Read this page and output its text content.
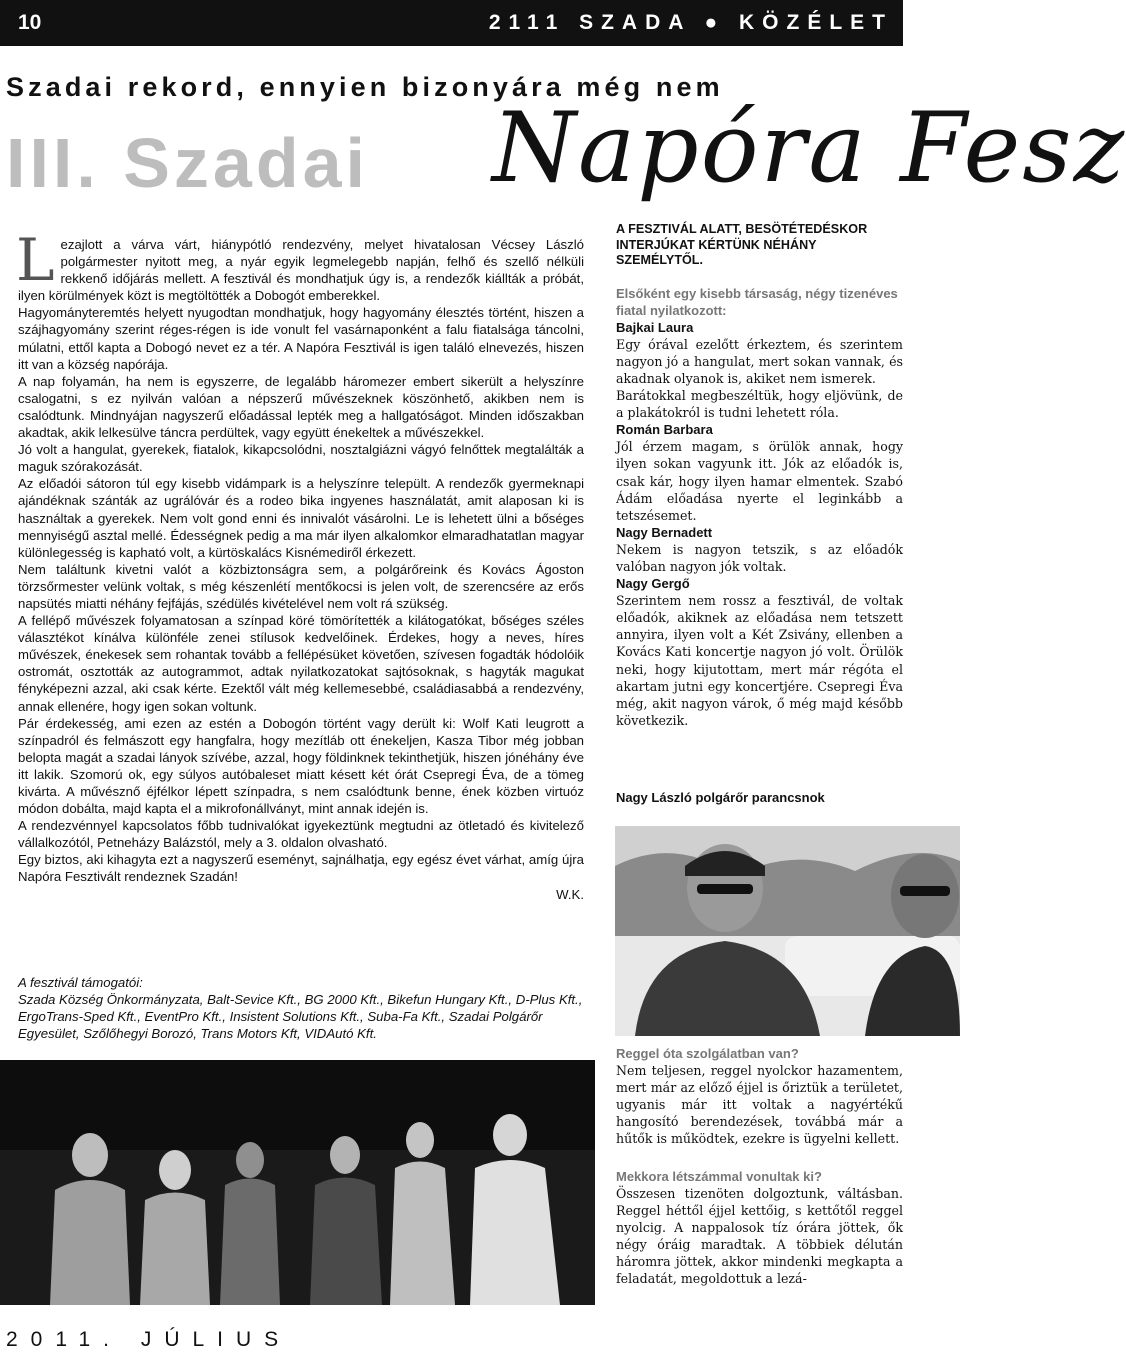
10	2111 SZADA ● KÖZÉLET
Szadai rekord, ennyien bizonyára még nem
III. Szadai Napóra Fesz

Lezajlott a várva várt, hiánypótló rendezvény, melyet hivatalosan Vécsey László polgármester nyitott meg, a nyár egyik legmelegebb napján, felhő és szellő nélküli rekkenő időjárás mellett. A fesztivál és mondhatjuk úgy is, a rendezők kiállták a próbát, ilyen körülmények közt is megtöltötték a Dobogót emberekkel.

Hagyományteremtés helyett nyugodtan mondhatjuk, hogy hagyomány élesztés történt, hiszen a szájhagyomány szerint réges-régen is ide vonult fel vasárnaponként a falu fiatalsága táncolni, múlatni, ettől kapta a Dobogó nevet ez a tér. A Napóra Fesztivál is igen találó elnevezés, hiszen itt van a község napórája.

A nap folyamán, ha nem is egyszerre, de legalább háromezer embert sikerült a helyszínre csalogatni, s ez nyilván valóan a népszerű művészeknek köszönhető, akikben nem is csalódtunk. Mindnyájan nagyszerű előadással lepték meg a hallgatóságot. Minden időszakban akadtak, akik lelkesülve táncra perdültek, vagy együtt énekeltek a művészekkel.

Jó volt a hangulat, gyerekek, fiatalok, kikapcsolódni, nosztalgiázni vágyó felnőttek megtalálták a maguk szórakozását.

Az előadói sátoron túl egy kisebb vidámpark is a helyszínre települt. A rendezők gyermeknapi ajándéknak szánták az ugrálóvár és a rodeo bika ingyenes használatát, amit alaposan ki is használtak a gyerekek. Nem volt gond enni és innivalót vásárolni. Le is lehetett ülni a bőséges mennyiségű asztal mellé. Édességnek pedig a ma már ilyen alkalomkor elmaradhatatlan magyar különlegesség is kapható volt, a kürtöskalács Kisnémediről érkezett.

Nem találtunk kivetni valót a közbiztonságra sem, a polgárőreink és Kovács Ágoston törzsőrmester velünk voltak, s még készenlétí mentőkocsi is jelen volt, de szerencsére az erős napsütés miatti néhány fejfájás, szédülés kivételével nem volt rá szükség.

A fellépő művészek folyamatosan a színpad köré tömörítették a kilátogatókat, bőséges széles választékot kínálva különféle zenei stílusok kedvelőinek. Érdekes, hogy a neves, híres művészek, énekesek sem rohantak tovább a fellépésüket követően, szívesen fogadták hódolóik ostromát, osztották az autogrammot, adtak nyilatkozatokat sajtósoknak, s hagyták magukat fényképezni azzal, aki csak kérte. Ezektől vált még kellemesebbé, családiasabbá a rendezvény, annak ellenére, hogy igen sokan voltunk.

Pár érdekesség, ami ezen az estén a Dobogón történt vagy derült ki: Wolf Kati leugrott a színpadról és felmászott egy hangfalra, hogy mezítláb ott énekeljen, Kasza Tibor még jobban belopta magát a szadai lányok szívébe, azzal, hogy földinknek tekinthetjük, hiszen jónéhány éve itt lakik. Szomorú ok, egy súlyos autóbaleset miatt késett két órát Csepregi Éva, de a tömeg kivárta. A művésznő éjfélkor lépett színpadra, s nem csalódtunk benne, ének közben virtuóz módon dobálta, majd kapta el a mikrofonállványt, mint annak idején is.

A rendezvénnyel kapcsolatos főbb tudnivalókat igyekeztünk megtudni az ötletadó és kivitelező vállalkozótól, Petneházy Balázstól, mely a 3. oldalon olvasható.

Egy biztos, aki kihagyta ezt a nagyszerű eseményt, sajnálhatja, egy egész évet várhat, amíg újra Napóra Fesztivált rendeznek Szadán!

W.K.

A fesztivál támogatói:

Szada Község Önkormányzata, Balt-Sevice Kft., BG 2000 Kft., Bikefun Hungary Kft., D-Plus Kft., ErgoTrans-Sped Kft., EventPro Kft., Insistent Solutions Kft., Suba-Fa Kft., Szadai Polgárőr Egyesület, Szőlőhegyi Borozó, Trans Motors Kft, VIDAutó Kft.

A FESZTIVÁL ALATT, BESÖTÉTEDÉSKOR INTERJÚKAT KÉRTÜNK NÉHÁNY SZEMÉLYTŐL.

Elsőként egy kisebb társaság, négy tizenéves fiatal nyilatkozott:

Bajkai Laura

Egy órával ezelőtt érkeztem, és szerintem nagyon jó a hangulat, mert sokan vannak, és akadnak olyanok is, akiket nem ismerek.

Barátokkal megbeszéltük, hogy eljövünk, de a plakátokról is tudni lehetett róla.

Román Barbara

Jól érzem magam, s örülök annak, hogy ilyen sokan vagyunk itt. Jók az előadók is, csak kár, hogy ilyen hamar elmentek. Szabó Ádám előadása nyerte el leginkább a tetszésemet.

Nagy Bernadett

Nekem is nagyon tetszik, s az előadók valóban nagyon jók voltak.

Nagy Gergő

Szerintem nem rossz a fesztivál, de voltak előadók, akiknek az előadása nem tetszett annyira, ilyen volt a Két Zsivány, ellenben a Kovács Kati koncertje nagyon jó volt. Örülök neki, hogy kijutottam, mert már régóta el akartam jutni egy koncertjére. Csepregi Éva még, akit nagyon várok, ő még majd később következik.

Nagy László polgárőr parancsnok

Reggel óta szolgálatban van?

Nem teljesen, reggel nyolckor hazamentem, mert már az előző éjjel is őriztük a területet, ugyanis már itt voltak a nagyértékű hangosító berendezések, továbbá már a hűtők is működtek, ezekre is ügyelni kellett.

Mekkora létszámmal vonultak ki?

Összesen tizenöten dolgoztunk, váltásban. Reggel héttől éjjel kettőig, s kettőtől reggel nyolcig. A nappalosok tíz órára jöttek, ők négy óráig maradtak. A többiek délután háromra jöttek, akkor mindenki megkapta a feladatát, megoldottuk a lezá-

2011. JÚLIUS
